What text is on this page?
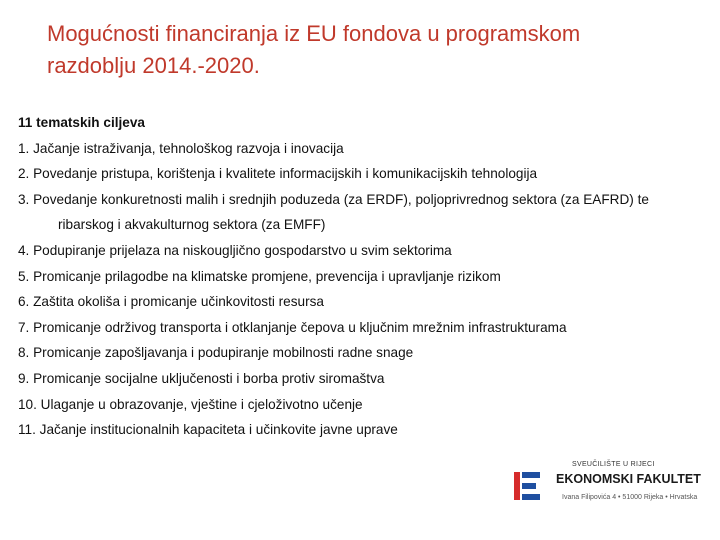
Mogućnosti financiranja iz EU fondova u programskom
razdoblju 2014.-2020.
11 tematskih ciljeva
1. Jačanje istraživanja, tehnološkog razvoja i inovacija
2. Povedanje pristupa, korištenja i kvalitete informacijskih i komunikacijskih tehnologija
3. Povedanje konkuretnosti malih i srednjih poduzeda (za ERDF), poljoprivrednog sektora (za EAFRD) te ribarskog i akvakulturnog sektora (za EMFF)
4. Podupiranje prijelaza na niskougljično gospodarstvo u svim sektorima
5. Promicanje prilagodbe na klimatske promjene, prevencija i upravljanje rizikom
6. Zaštita okoliša i promicanje učinkovitosti resursa
7. Promicanje održivog transporta i otklanjanje čepova u ključnim mrežnim infrastrukturama
8. Promicanje zapošljavanja i podupiranje mobilnosti radne snage
9. Promicanje socijalne uključenosti i borba protiv siromaštva
10. Ulaganje u obrazovanje, vještine i cjeloživotno učenje
11. Jačanje institucionalnih kapaciteta i učinkovite javne uprave
SVEUČILIŠTE U RIJECI
EKONOMSKI FAKULTET
Ivana Filipovića 4 • 51000 Rijeka • Hrvatska
